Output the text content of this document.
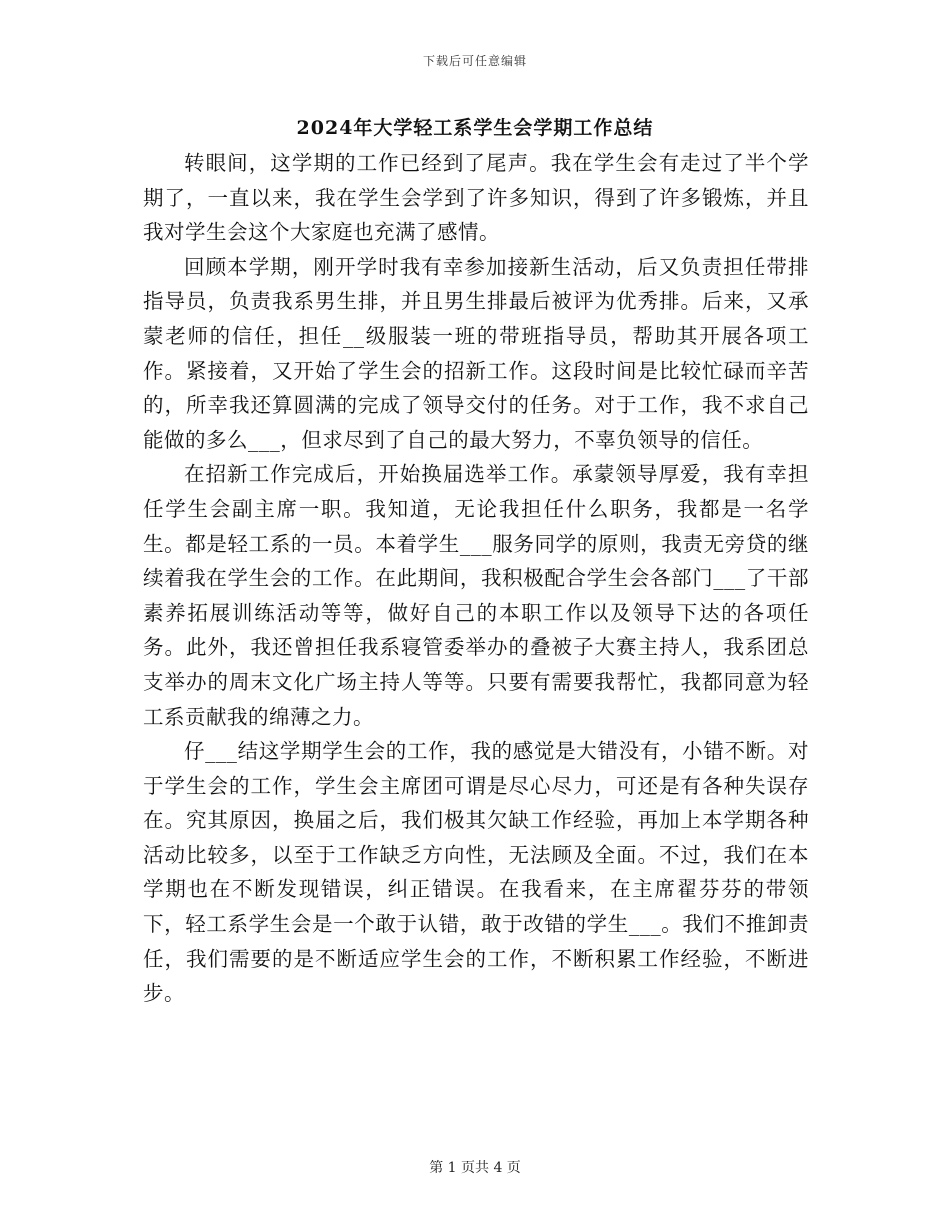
下载后可任意编辑
2024年大学轻工系学生会学期工作总结

转眼间，这学期的工作已经到了尾声。我在学生会有走过了半个学期了，一直以来，我在学生会学到了许多知识，得到了许多锻炼，并且我对学生会这个大家庭也充满了感情。

回顾本学期，刚开学时我有幸参加接新生活动，后又负责担任带排指导员，负责我系男生排，并且男生排最后被评为优秀排。后来，又承蒙老师的信任，担任__级服装一班的带班指导员，帮助其开展各项工作。紧接着，又开始了学生会的招新工作。这段时间是比较忙碌而辛苦的，所幸我还算圆满的完成了领导交付的任务。对于工作，我不求自己能做的多么___，但求尽到了自己的最大努力，不辜负领导的信任。

在招新工作完成后，开始换届选举工作。承蒙领导厚爱，我有幸担任学生会副主席一职。我知道，无论我担任什么职务，我都是一名学生。都是轻工系的一员。本着学生___服务同学的原则，我责无旁贷的继续着我在学生会的工作。在此期间，我积极配合学生会各部门___了干部素养拓展训练活动等等，做好自己的本职工作以及领导下达的各项任务。此外，我还曾担任我系寝管委举办的叠被子大赛主持人，我系团总支举办的周末文化广场主持人等等。只要有需要我帮忙，我都同意为轻工系贡献我的绵薄之力。

仔___结这学期学生会的工作，我的感觉是大错没有，小错不断。对于学生会的工作，学生会主席团可谓是尽心尽力，可还是有各种失误存在。究其原因，换届之后，我们极其欠缺工作经验，再加上本学期各种活动比较多，以至于工作缺乏方向性，无法顾及全面。不过，我们在本学期也在不断发现错误，纠正错误。在我看来，在主席翟芬芬的带领下，轻工系学生会是一个敢于认错，敢于改错的学生___。我们不推卸责任，我们需要的是不断适应学生会的工作，不断积累工作经验，不断进步。

第 1 页共 4 页
